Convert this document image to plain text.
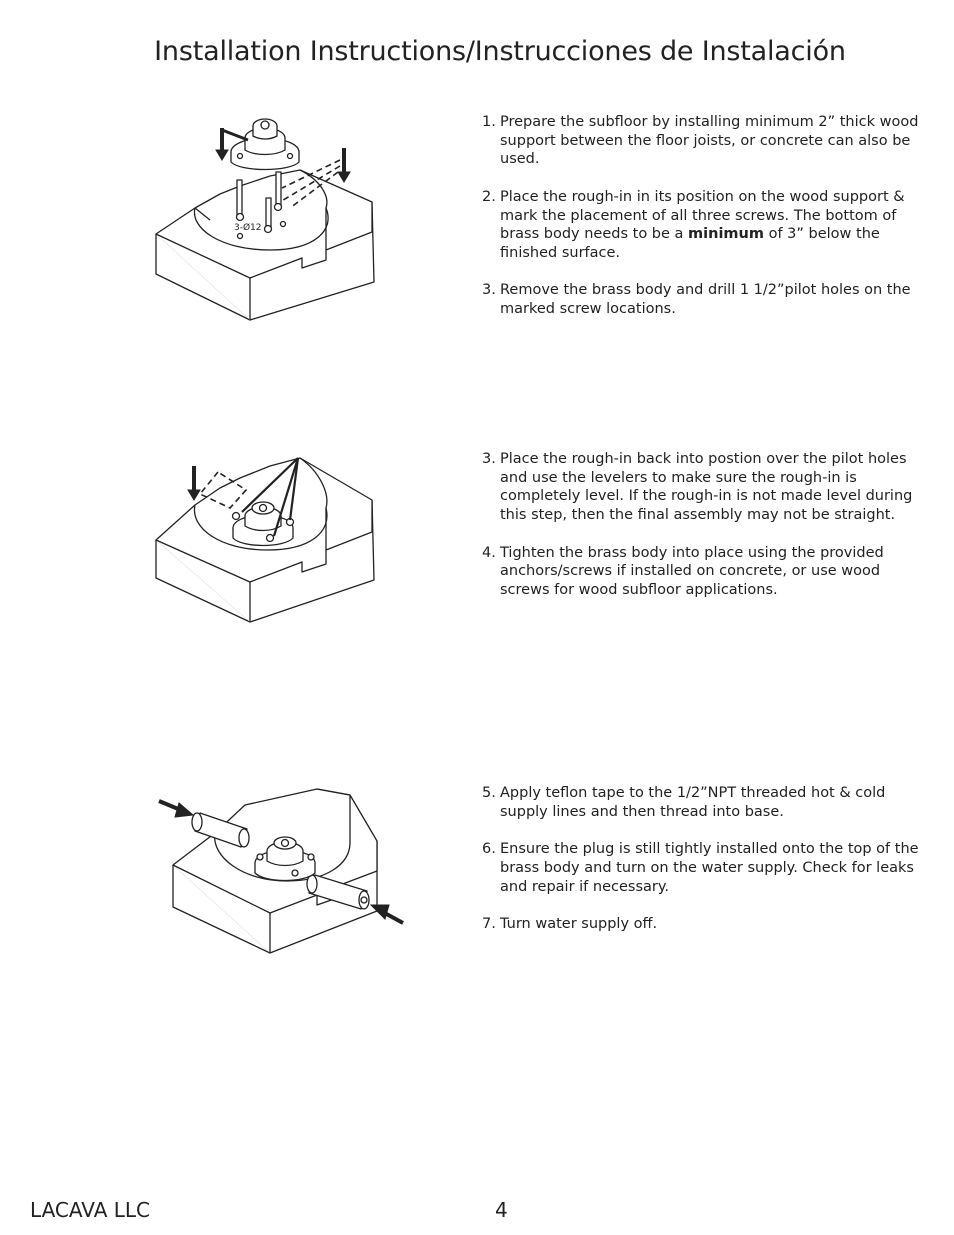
Installation Instructions/Instrucciones de Instalación
3-Ø12
1. Prepare the subfloor by installing minimum 2” thick wood support between the floor joists, or concrete can also be used.
2. Place the rough-in in its position on the wood support & mark the placement of all three screws. The bottom of brass body needs to be a minimum of 3” below the finished surface.
3. Remove the brass body and drill 1 1/2”pilot holes on the marked screw locations.
3. Place the rough-in back into postion over the pilot holes and use the levelers to make sure the rough-in is completely level. If the rough-in is not made level during this step, then the final assembly may not be straight.
4. Tighten the brass body into place using the provided anchors/screws if installed on concrete, or use wood screws for wood subfloor applications.
5. Apply teflon tape to the 1/2”NPT threaded hot & cold supply lines and then thread into base.
6. Ensure the plug is still tightly installed onto the top of the brass body and turn on the water supply. Check for leaks and repair if necessary.
7. Turn water supply off.
LACAVA LLC	4
